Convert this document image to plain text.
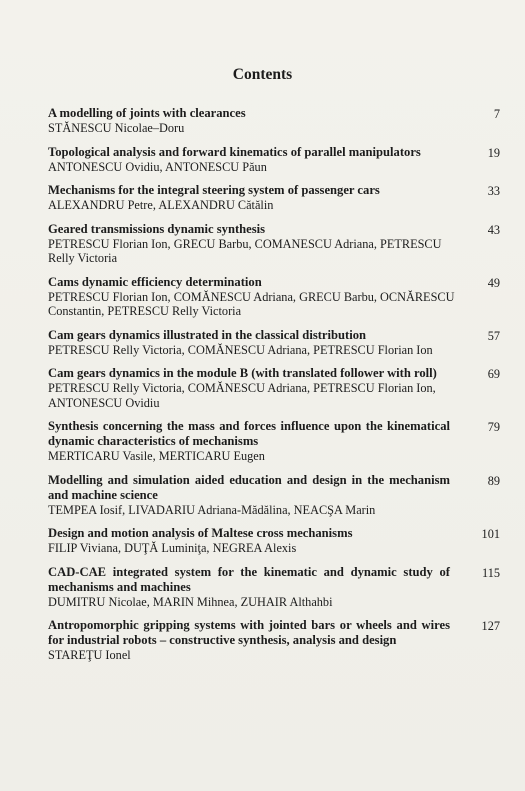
Contents
A modelling of joints with clearances
STĂNESCU Nicolae–Doru
7
Topological analysis and forward kinematics of parallel manipulators
ANTONESCU Ovidiu, ANTONESCU Păun
19
Mechanisms for the integral steering system of passenger cars
ALEXANDRU Petre, ALEXANDRU Cătălin
33
Geared transmissions dynamic synthesis
PETRESCU Florian Ion, GRECU Barbu, COMANESCU Adriana, PETRESCU Relly Victoria
43
Cams dynamic efficiency determination
PETRESCU Florian Ion, COMĂNESCU Adriana, GRECU Barbu, OCNĂRESCU Constantin, PETRESCU Relly Victoria
49
Cam gears dynamics illustrated in the classical distribution
PETRESCU Relly Victoria, COMĂNESCU Adriana, PETRESCU Florian Ion
57
Cam gears dynamics in the module B (with translated follower with roll)
PETRESCU Relly Victoria, COMĂNESCU Adriana, PETRESCU Florian Ion, ANTONESCU Ovidiu
69
Synthesis concerning the mass and forces influence upon the kinematical dynamic characteristics of mechanisms
MERTICARU Vasile, MERTICARU Eugen
79
Modelling and simulation aided education and design in the mechanism and machine science
TEMPEA Iosif, LIVADARIU Adriana-Mădălina, NEACŞA Marin
89
Design and motion analysis of Maltese cross mechanisms
FILIP Viviana, DUŢĂ Luminiţa, NEGREA Alexis
101
CAD-CAE integrated system for the kinematic and dynamic study of mechanisms and machines
DUMITRU Nicolae, MARIN Mihnea, ZUHAIR Althahbi
115
Antropomorphic gripping systems with jointed bars or wheels and wires for industrial robots – constructive synthesis, analysis and design
STAREŢU Ionel
127
